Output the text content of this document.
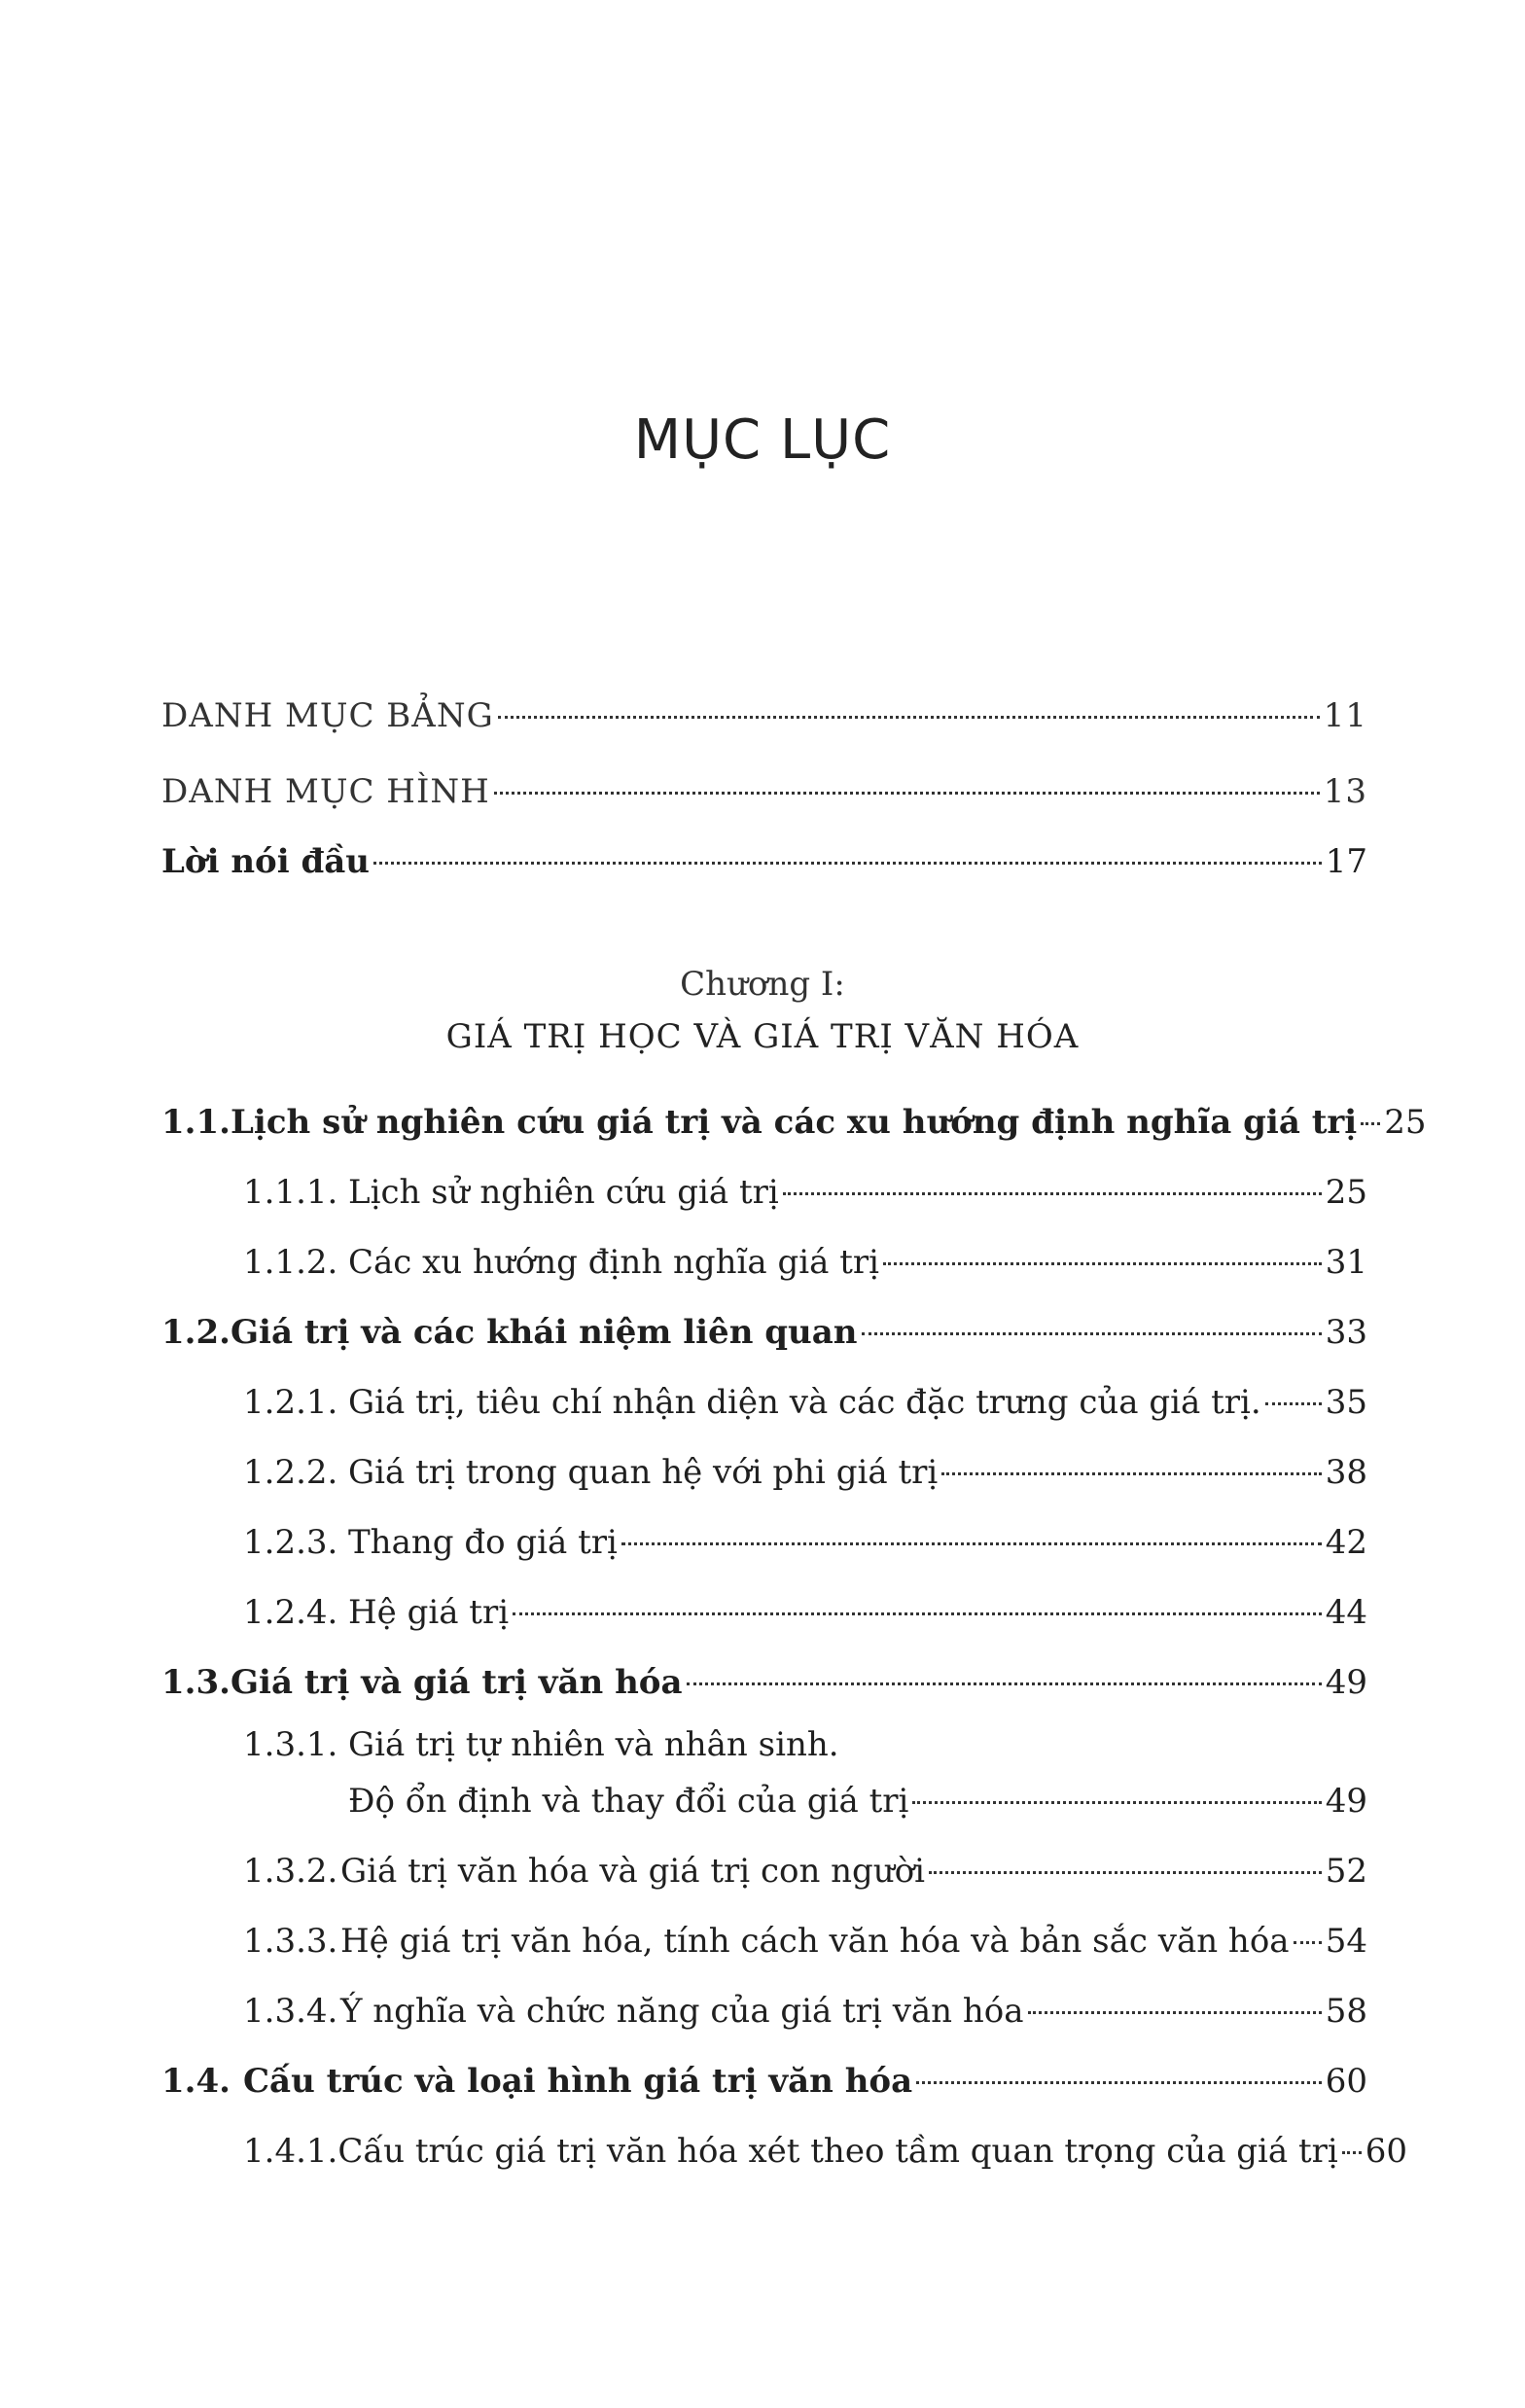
MỤC LỤC
DANH MỤC BẢNG	11
DANH MỤC HÌNH	13
Lời nói đầu	17
Chương I:
GIÁ TRỊ HỌC VÀ GIÁ TRỊ VĂN HÓA
1.1. Lịch sử nghiên cứu giá trị và các xu hướng định nghĩa giá trị 25
1.1.1. Lịch sử nghiên cứu giá trị	25
1.1.2. Các xu hướng định nghĩa giá trị	31
1.2. Giá trị và các khái niệm liên quan	33
1.2.1. Giá trị, tiêu chí nhận diện và các đặc trưng của giá trị. 35
1.2.2. Giá trị trong quan hệ với phi giá trị	38
1.2.3. Thang đo giá trị	42
1.2.4. Hệ giá trị	44
1.3. Giá trị và giá trị văn hóa	49
1.3.1. Giá trị tự nhiên và nhân sinh.
Độ ổn định và thay đổi của giá trị	49
1.3.2. Giá trị văn hóa và giá trị con người	52
1.3.3. Hệ giá trị văn hóa, tính cách văn hóa và bản sắc văn hóa 54
1.3.4. Ý nghĩa và chức năng của giá trị văn hóa	58
1.4. Cấu trúc và loại hình giá trị văn hóa	60
1.4.1. Cấu trúc giá trị văn hóa xét theo tầm quan trọng của giá trị 60
